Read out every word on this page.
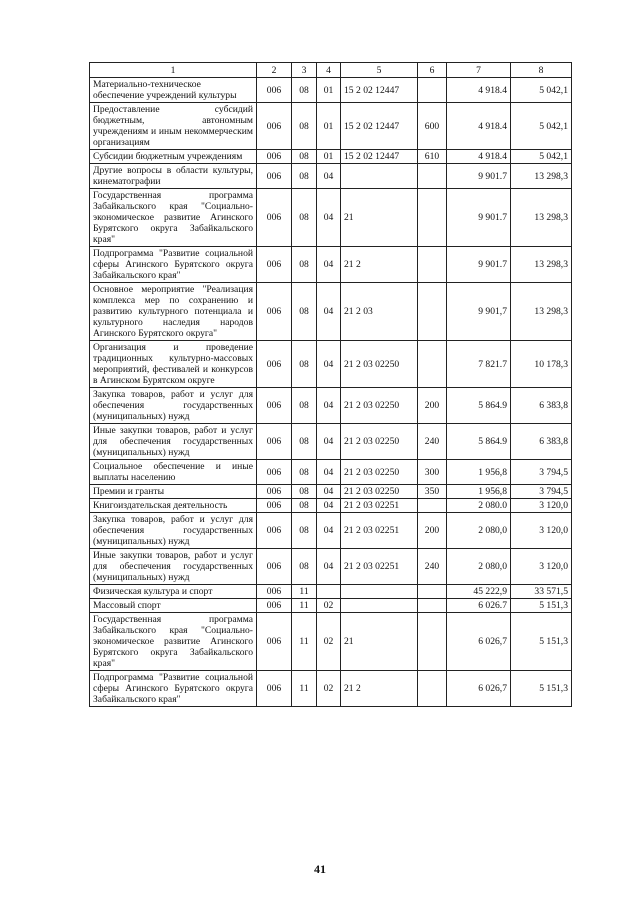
1	2	3	4	5	6	7	8
Материально-техническое обеспечение учреждений культуры	006	08	01	15 2 02 12447		4 918.4	5 042,1
Предоставление субсидий бюджетным, автономным учреждениям и иным некоммерческим организациям	006	08	01	15 2 02 12447	600	4 918.4	5 042,1
Субсидии бюджетным учреждениям	006	08	01	15 2 02 12447	610	4 918.4	5 042,1
Другие вопросы в области культуры, кинематографии	006	08	04			9 901.7	13 298,3
Государственная программа Забайкальского края "Социально-экономическое развитие Агинского Бурятского округа Забайкальского края"	006	08	04	21		9 901.7	13 298,3
Подпрограмма "Развитие социальной сферы Агинского Бурятского округа Забайкальского края"	006	08	04	21 2		9 901.7	13 298,3
Основное мероприятие "Реализация комплекса мер по сохранению и развитию культурного потенциала и культурного наследия народов Агинского Бурятского округа"	006	08	04	21 2 03		9 901,7	13 298,3
Организация и проведение традиционных культурно-массовых мероприятий, фестивалей и конкурсов в Агинском Бурятском округе	006	08	04	21 2 03 02250		7 821.7	10 178,3
Закупка товаров, работ и услуг для обеспечения государственных (муниципальных) нужд	006	08	04	21 2 03 02250	200	5 864.9	6 383,8
Иные закупки товаров, работ и услуг для обеспечения государственных (муниципальных) нужд	006	08	04	21 2 03 02250	240	5 864.9	6 383,8
Социальное обеспечение и иные выплаты населению	006	08	04	21 2 03 02250	300	1 956,8	3 794,5
Премии и гранты	006	08	04	21 2 03 02250	350	1 956,8	3 794,5
Книгоиздательская деятельность	006	08	04	21 2 03 02251		2 080.0	3 120,0
Закупка товаров, работ и услуг для обеспечения государственных (муниципальных) нужд	006	08	04	21 2 03 02251	200	2 080,0	3 120,0
Иные закупки товаров, работ и услуг для обеспечения государственных (муниципальных) нужд	006	08	04	21 2 03 02251	240	2 080,0	3 120,0
Физическая культура и спорт	006	11				45 222,9	33 571,5
Массовый спорт	006	11	02			6 026.7	5 151,3
Государственная программа Забайкальского края "Социально-экономическое развитие Агинского Бурятского округа Забайкальского края"	006	11	02	21		6 026,7	5 151,3
Подпрограмма "Развитие социальной сферы Агинского Бурятского округа Забайкальского края"	006	11	02	21 2		6 026,7	5 151,3
41
